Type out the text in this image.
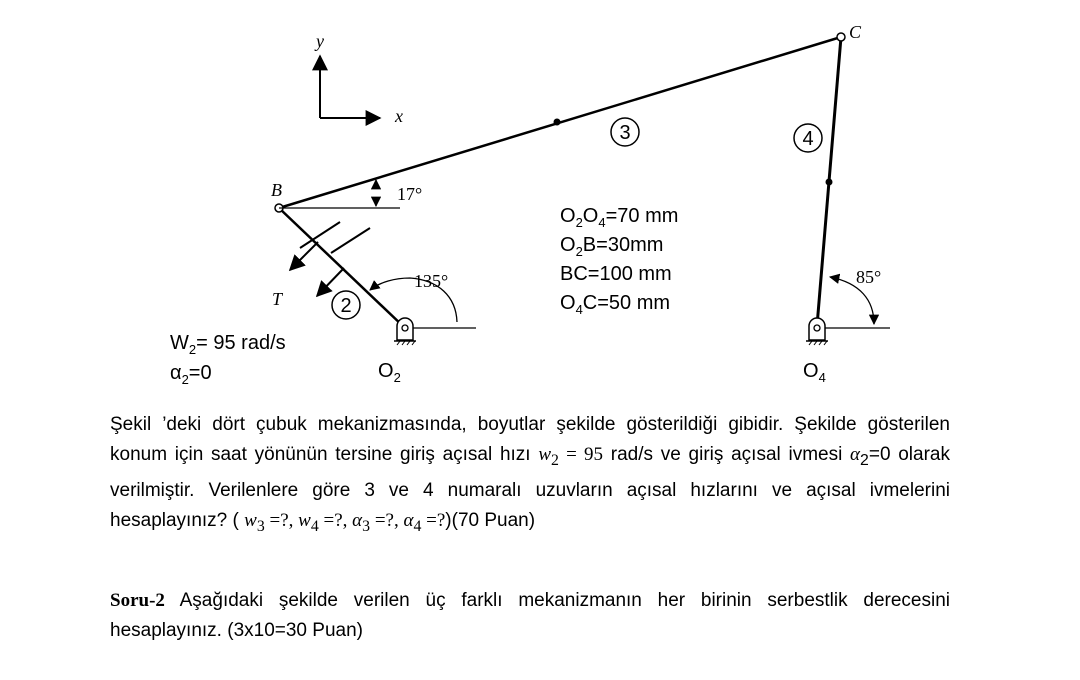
y
x
B
C
17°
T	2
3	4
135°	85°
$O_2$	$O_4$
$O_2O_4=70$ mm
$O_2B=30mm$
BC=100 mm
$O_4C=50$ mm
$W_2= 95$ rad/s
$\alpha_2=0$

Şekil ’deki dört çubuk mekanizmasında, boyutlar şekilde gösterildiği gibidir. Şekilde gösterilen konum için saat yönünün tersine giriş açısal hızı $w_2 = 95$ rad/s ve giriş açısal ivmesi $\alpha_2=0$ olarak verilmiştir. Verilenlere göre 3 ve 4 numaralı uzuvların açısal hızlarını ve açısal ivmelerini hesaplayınız? ( $w_3$ =?, $w_4$ =?, $\alpha_3$ =?, $\alpha_4$ =?)(70 Puan)

Soru-2 Aşağıdaki şekilde verilen üç farklı mekanizmanın her birinin serbestlik derecesini hesaplayınız. (3x10=30 Puan)
